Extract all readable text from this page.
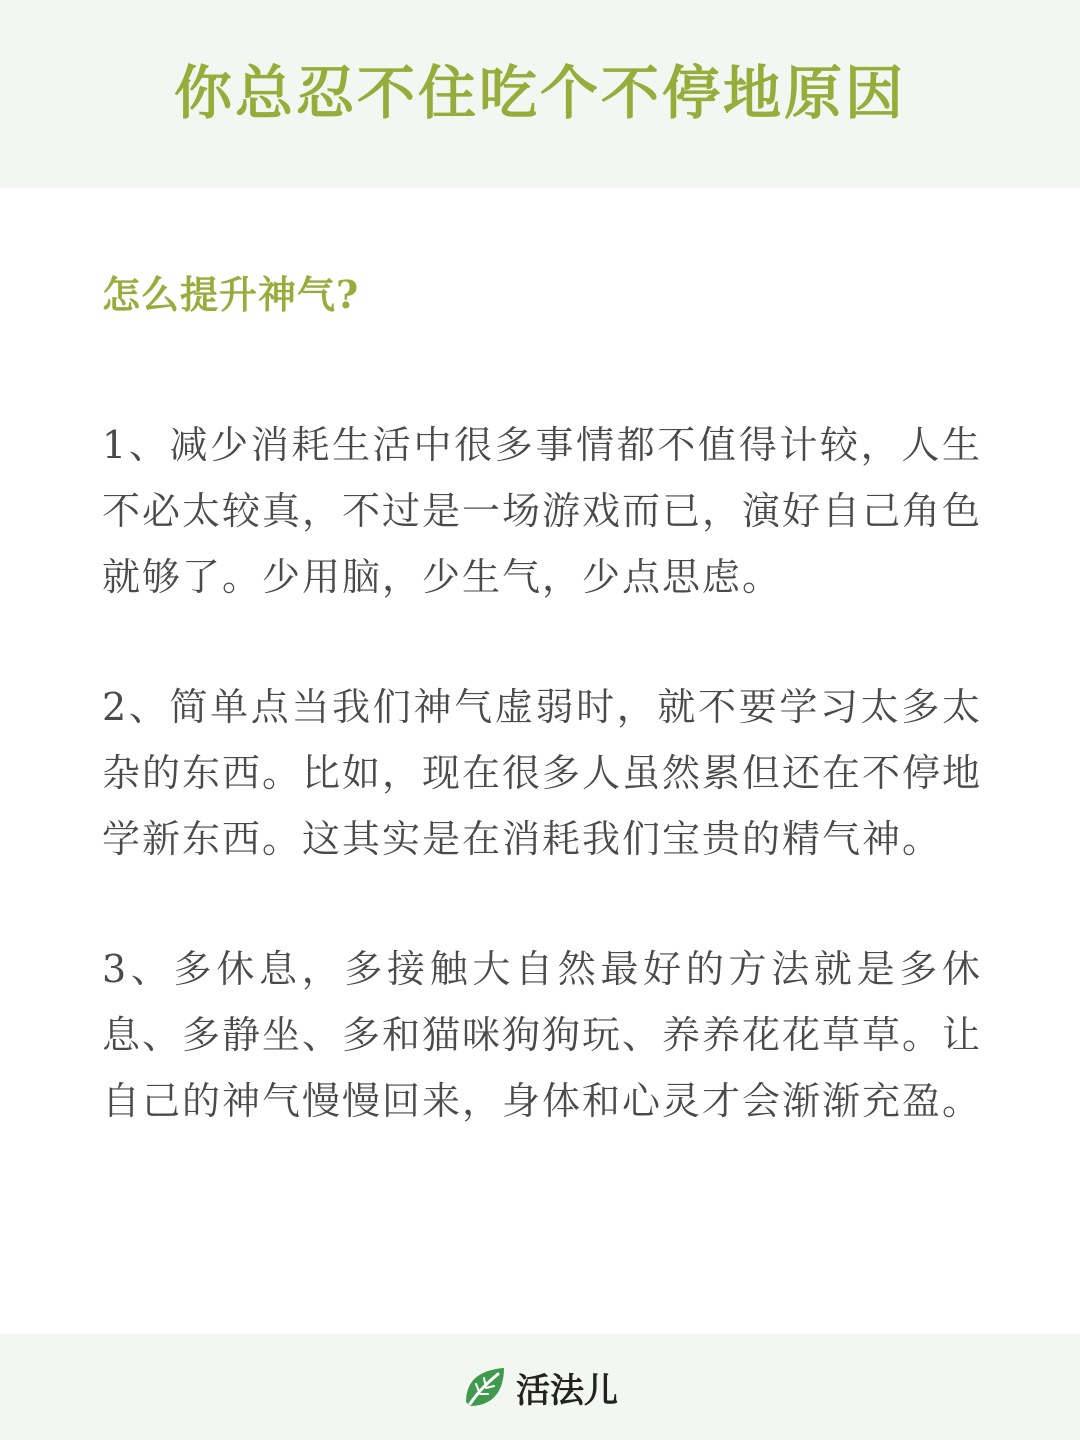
你总忍不住吃个不停地原因
怎么提升神气?

1、减少消耗生活中很多事情都不值得计较，人生不必太较真，不过是一场游戏而已，演好自己角色就够了。少用脑，少生气，少点思虑。

2、简单点当我们神气虚弱时，就不要学习太多太杂的东西。比如，现在很多人虽然累但还在不停地学新东西。这其实是在消耗我们宝贵的精气神。

3、多休息，多接触大自然最好的方法就是多休息、多静坐、多和猫咪狗狗玩、养养花花草草。让自己的神气慢慢回来，身体和心灵才会渐渐充盈。

活法儿
